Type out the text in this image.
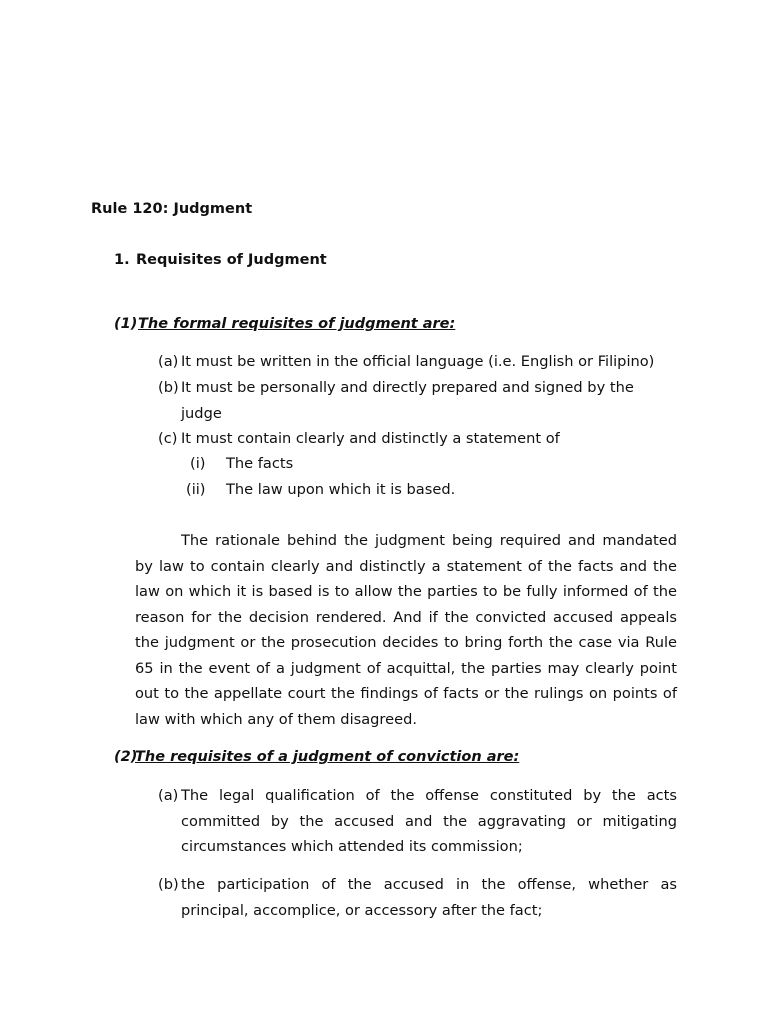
Rule 120: Judgment
1. Requisites of Judgment
(1) The formal requisites of judgment are:
(a) It must be written in the official language (i.e. English or Filipino)
(b) It must be personally and directly prepared and signed by the judge
(c) It must contain clearly and distinctly a statement of
(i) The facts
(ii) The law upon which it is based.
The rationale behind the judgment being required and mandated by law to contain clearly and distinctly a statement of the facts and the law on which it is based is to allow the parties to be fully informed of the reason for the decision rendered. And if the convicted accused appeals the judgment or the prosecution decides to bring forth the case via Rule 65 in the event of a judgment of acquittal, the parties may clearly point out to the appellate court the findings of facts or the rulings on points of law with which any of them disagreed.
(2)
The requisites of a judgment of conviction are:
(a) The legal qualification of the offense constituted by the acts committed by the accused and the aggravating or mitigating circumstances which attended its commission;
(b) the participation of the accused in the offense, whether as principal, accomplice, or accessory after the fact;
